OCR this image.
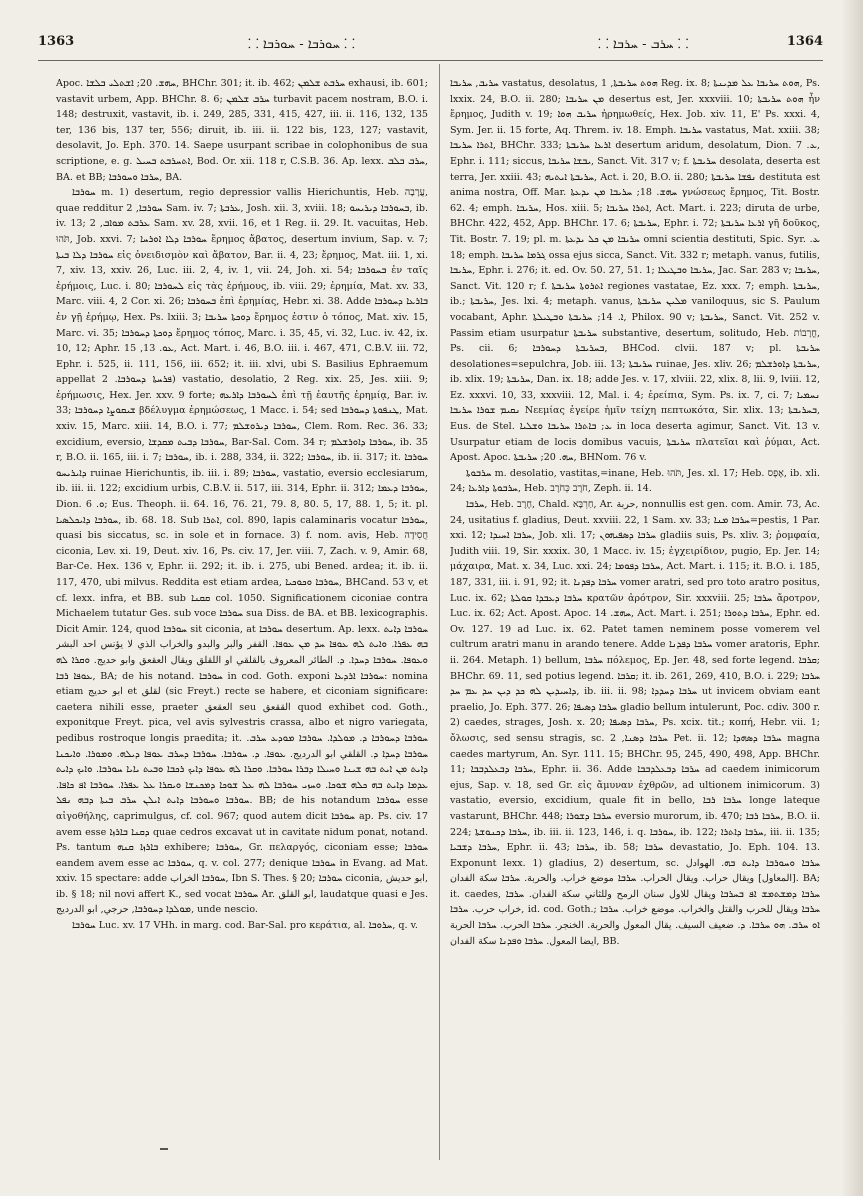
1363	⸬ ܚܘܪܒܐ - ܚܘܪܒܐ ⸬	⸬ ܚܪܒ - ܚܪܒܐ ⸬	1364

Apoc. ܚܗܫ. 20; ܐܫܬܠܝ ܒܠܫܐ, BHChr. 301; it. ib. 462; ܚܪܒܬ ܫܠܡܢ exhausi, ib. 601; vastavit urbem, App. BHChr. 8. 6; ܚܪܒ ܫܠܡܢ turbavit pacem nostram, B.O. i. 148; destruxit, vastavit, ib. i. 249, 285, 331, 415, 427, iii. ii. 116, 132, 135 ter, 136 bis, 137 ter, 556; diruit, ib. iii. ii. 122 bis, 123, 127; vastavit, desolavit, Jo. Eph. 370. 14. Saepe usurpant scribae in colophonibus de sua scriptione, e. g. ܐܬܚܪܒܬ ܒܚܝܠ, Bod. Or. xii. 118 r, C.S.B. 36. Ap. lexx. ܚܪܒ ܒܠܒ, BA. et BB; ܚܪܒܐ ܘܚܘܪܒܐ, BA.

ܚܘܪܒܐ m. 1) desertum, regio depressior vallis Hierichuntis, Heb. עֲרָבָה, quae redditur ܚܘܪܒܐ, 2 Sam. iv. 7; ܥܪܒܬܐ, Josh. xii. 3, xviii. 18; ܒܚܘܪܒܐ ܕܝܪܝܚܘ, ib. iv. 13; ܥܪܒܬ ܡܘܐܒ, 2 Sam. xv. 28, xvii. 16, et 1 Reg. ii. 29. It. vacuitas, Heb. תֹּהוּ, Job. xxvi. 7; ܚܘܪܒܐ ܕܠܐ ܐܘܪܚܐ ἔρημος ἄβατος, desertum invium, Sap. v. 7; ܚܘܪܒܐ ܕܠܐ ܒܝܬܐ εἰς ὀνειδισμὸν καὶ ἄβατον, Bar. ii. 4, 23; ἔρημος, Mat. iii. 1, xi. 7, xiv. 13, xxiv. 26, Luc. iii. 2, 4, iv. 1, vii. 24, Joh. xi. 54; ܒܚܘܪܒܐ ἐν ταῖς ἐρήμοις, Luc. i. 80; ܠܚܘܪܒܐ εἰς τὰς ἐρήμους, ib. viii. 29; ἐρημία, Mat. xv. 33, Marc. viii. 4, 2 Cor. xi. 26; ܒܚܘܪܒܐ ἐπὶ ἐρημίας, Hebr. xi. 38. Adde ܒܐܪܥܐ ܕܚܘܪܒܐ ἐν γῇ ἐρήμῳ, Hex. Ps. lxiii. 3; ܕܘܟܬܐ ܚܪܝܒܐ ἔρημος ἐστιν ὁ τόπος, Mat. xiv. 15, Marc. vi. 35; ܕܘܟܬܐ ܕܚܘܪܒܐ ἔρημος τόπος, Marc. i. 35, 45, vi. 32, Luc. iv. 42, ix. 10, 12; Aphr. ܥܘ. 13, 15, Act. Mart. i. 46, B.O. iii. i. 467, 471, C.B.V. iii. 72, Ephr. i. 525, ii. 111, 156, iii. 652; it. iii. xlvi, ubi S. Basilius Ephraemum appellat ܦܪܚܬܐ ܕܚܘܪܒܐ. 2) vastatio, desolatio, 2 Reg. xix. 25, Jes. xiii. 9; ἐρήμωσις, Hex. Jer. xxv. 9 forte; ܠܚܘܪܒܐ ܕܐܪܥܗ ἐπὶ τῇ ἐαυτῆς ἐρημίᾳ, Bar. iv. 33; ܫܝܩܘܨܐ ܕܚܘܪܒܐ βδέλυγμα ἐρημώσεως, 1 Macc. i. 54; sed ܛܢܦܘܬܐ ܕܚܘܪܒܐ, Mat. xxiv. 15, Marc. xiii. 14, B.O. i. 77; ܚܘܪܒܐ ܕܝܪܘܫܠܡ, Clem. Rom. Rec. 36. 33; excidium, eversio, ܚܘܪܒܐ ܕܒܝܬ ܡܩܕܫܐ, Bar-Sal. Com. 34 r; ܚܘܪܒܐ ܕܐܘܪܫܠܡ, ib. 35 r, B.O. ii. 165, iii. i. 7; ܚܘܪܒܐ, ib. i. 288, 334, ii. 322; ܚܘܪܒܐ, ib. ii. 317; it. ܚܘܪܒܐ ܕܐܝܪܝܚܘ ruinae Hierichuntis, ib. iii. i. 89; ܚܘܪܒܐ, vastatio, eversio ecclesiarum, ib. iii. ii. 122; excidium urbis, C.B.V. ii. 517, iii. 314, Ephr. ii. 312; ܚܘܪܒܐ ܕܥܡܐ, Dion. ܘ. 6; Eus. Theoph. ii. 64. 16, 76. 21, 79. 8, 80. 5, 17, 88. 1, 5; it. pl. ܚܘܪܒܐ ܕܐܝܟܠܣܝܐ, ib. 68. 18. Sub ܐܬܪܐ, col. 890, lapis calaminaris vocatur ܚܘܪܒܐ, quasi bis siccatus, sc. in sole et in fornace. 3) f. nom. avis, Heb. חֲסִידָה ciconia, Lev. xi. 19, Deut. xiv. 16, Ps. civ. 17, Jer. viii. 7, Zach. v. 9, Amir. 68, Bar-Ce. Hex. 136 v, Ephr. ii. 292; it. ib. i. 275, ubi Bened. ardea; it. ib. ii. 117, 470, ubi milvus. Reddita est etiam ardea, ܚܘܪܒܐ ܘܟܘܟܝܐ, BHCand. 53 v, et cf. lexx. infra, et BB. sub ܩܩܢܐ col. 1050. Significationem ciconiae contra Michaelem tutatur Ges. sub voce ܚܘܪܒܐ sua Diss. de BA. et BB. lexicographis. Dicit Amir. 124, quod ܚܘܪܒܐ sit ciconia, at ܚܘܪܒܐ desertum. Ap. lexx. ܚܘܪܒܐ ܕܐܝܬ ܒܗ ܥܦܪܐ. ܘܐܝܬ ܠܗ ܥܘܦܐ ܚܕ ܡܢ ܥܘܦܐ. القفر والبر والبدو والخراب الذي لا يؤنس احد البشر ܘܥܘܦܐ. ܚܘܪܒܐ ܕܚܕܐ. ܕ. الطائر المعروف بالقلقي او اللقلق ويقال العقعق وابو حديج. ܘܩܪܐ ܠܗ ܥܘܦܐ ܪܒܐ, BA; de his notand. ܚܘܪܒܐ in cod. Goth. exponi ܚܘܪܒܐ ܐܪܕܥܐ: nomina etiam ابو حديج et لقلق (sic Freyt.) recte se habere, et ciconiam significare: caetera nihili esse, praeter العقعق seu الققعق quod exhibet cod. Goth., exponitque Freyt. pica, vel avis sylvestris crassa, albo et nigro variegata, pedibus rostroque longis praedita; it. ܚܘܪܒܐ ܕܚܘܪܒܐ ܕ. ܡܘܠܕܐ. ܚܘܪܒܐ ܡܘܕܥ ܚܪܒ. ܚܘܪܒܐ ܕܚܕܐ ܕ. القلقي ابو الدرديج. ܥܘܦܐ. ܕ. ܚܘܪܒܐ. ܚܘܪܒܐ ܕܚܪܒ ܥܘܦܐ ܕܝܠܗ. ܘܡܘܪܐ. ܘܐܝܟܢܐ ܕܐܝܬ ܡܢ ܐܝܬ ܒܗ ܫܝܢܐ ܘܚܝܠܐ ܕܒܪܐ ܚܘܪܒܐ. ܘܩܪܐ ܠܗ ܥܘܦܐ ܕܐܝܟ ܪܟܒܐ ܘܒܝܬ ܝܐܝܐ ܚܘܪܒܐ. ܘܐܝܟ ܕܐܝܬ ܥܕܡܐ ܕܐܝܬ ܒܗ ܟܠܗ ܫܘܟܐ. ܘܚܙܝ ܚܘܪܒܐ ܠܗ ܥܠ ܫܘܟܐ ܕܡܟܢܫܐ ܘܝܩܪܐ ܥܠ ܥܦܪܐ. ܚܘܪܒܐ ܐܦ ܟܐܦܐ. ܚܘܪܒܐ ܘܚܘܪܒܐ ܕܐܝܬ ܐܝܠܢ ܚܪܒ ܒܝܬܐ ܕܒܗ ܢܦܠ. BB; de his notandum ܚܘܪܒܐ esse αἰγοθήλης, caprimulgus, cf. col. 967; quod autem dicit ܚܘܪܒܐ ap. Ps. civ. 17 avem esse ܕܩܢܐ ܒܐܪܙܐ quae cedros excavat ut in cavitate nidum ponat, notand. Ps. tantum ܒܐܪܙܐ ܩܢܗ exhibere; ܚܘܪܒܐ, Gr. πελαργός, ciconiam esse; ܚܘܪܒܐ eandem avem esse ac ܚܘܪܒܐ, q. v. col. 277; denique ܚܘܪܒܐ in Evang. ad Mat. xxiv. 15 spectare: adde ܚܘܪܒܐ الخراب, Ibn S. Thes. § 20; ܚܘܪܒܐ ciconia, ابو حديش, ib. § 18; nil novi affert K., sed vocat ܚܘܪܒܐ Ar. ابو القلق, laudatque quasi e Jes. ܡܘܠܕܐ ܕܚܘܪܒܐ, حرجي, ابو الدرديج, unde nescio.

ܚܘܪܒܐ Luc. xv. 17 VHh. in marg. cod. Bar-Sal. pro κεράτια, al. ܚܪܘܒܐ, q. v.

ܚܪܝܒ, ܚܪܝܒܐ vastatus, desolatus, ܗܘܬ ܚܪܝܒܬܐ, 1 Reg. ix. 8; ܗܘܬ ܚܪܝܒܐ ܥܠ ܡܕܝܢܬܐ, Ps. lxxix. 24, B.O. ii. 280; ܡܢ ܚܪܝܒܐ desertus est, Jer. xxxviii. 10; ܗܘܬ ܚܪܝܒܬܐ ἦν ἔρημος, Judith v. 19; ܚܪܝܒ ܗܘܐ ἠρημωθείς, Hex. Job. xiv. 11, E' Ps. xxxi. 4, Sym. Jer. ii. 15 forte, Aq. Threm. iv. 18. Emph. ܚܪܝܒܐ vastatus, Mat. xxiii. 38; ܐܬܪܐ ܚܪܝܒܐ, BHChr. 333; ܐܪܥܐ ܚܪܝܒܬܐ desertum aridum, desolatum, Dion. ܥ. 7, Ephr. i. 111; siccus, ܝܒܫܐ ܚܪܝܒܐ, Sanct. Vit. 317 v; f. ܚܪܝܒܬܐ desolata, deserta est terra, Jer. xxiii. 43; ܚܪܝܒܬܐ ܐܝܬܝܗ, Act. i. 20, B.O. ii. 280; ܢܦܫܐ ܚܪܝܒܬܐ destituta est anima nostra, Off. Mar. ܚܗܫ. 18; ܚܪܝܒܐ ܡܢ ܝܕܥܬܐ γνώσεως ἔρημος, Tit. Bostr. 62. 4; emph. ܚܪܝܒܐ, Hos. xiii. 5; ܐܬܪܐ ܚܪܝܒܐ, Act. Mart. i. 223; diruta de urbe, BHChr. 422, 452, App. BHChr. 17. 6; ܚܪܝܒܬܐ, Ephr. i. 72; ܐܪܥܐ ܚܪܝܒܬܐ γῆ δοῦκος, Tit. Bostr. 7. 19; pl. m. ܚܪܝܒܐ ܡܢ ܟܠ ܝܕܥܬܐ omni scientia destituti, Spic. Syr. ܥ. 18; emph. ܓܪܡܐ ܚܪܝܒܐ ossa ejus sicca, Sanct. Vit. 332 r; metaph. vanus, futilis, ܚܪܝܒܐ, Ephr. i. 276; it. ed. Ov. 50. 27, 51. 1; ܚܪܝܒܐ ܘܒܛܝܠܐ, Jac. Sar. 283 v; ܚܪܝܒܐ, Sanct. Vit. 120 r; f. ܐܬܪܘܬܐ ܚܪܝܒܬܐ regiones vastatae, Ez. xxx. 7; emph. ܚܪܝܒܬܐ, ib.; ܚܪܝܒܬܐ, Jes. lxi. 4; metaph. vanus, ܡܠܝܢ ܚܪܝܒܬܐ vaniloquus, sic S. Paulum vocabant, Aphr. ܐ. 14; ܚܪܝܒܬܐ ܘܒܛܝܠܬܐ, Philox. 90 v; ܚܪܝܒܬܐ, Sanct. Vit. 252 v. Passim etiam usurpatur ܚܪܝܒܬܐ substantive, desertum, solitudo, Heb. חֳרָבוֹת, Ps. cii. 6; ܒܚܪܝܒܬܐ ܕܚܘܪܒܐ, BHCod. clvii. 187 v; pl. ܚܪܝܒܬܐ desolationes=sepulchra, Job. iii. 13; ܚܪܝܒܬܐ ruinae, Jes. xliv. 26; ܚܪܝܒܬܐ ܕܐܘܪܫܠܡ, ib. xlix. 19; ܚܪܝܒܬܐ, Dan. ix. 18; adde Jes. v. 17, xlviii. 22, xlix. 8, lii. 9, lviii. 12, Ez. xxxvi. 10, 33, xxxviii. 12, Mal. i. 4; ἐρείπια, Sym. Ps. ix. 7, ci. 7; ܢܚܡܝܐ ܢܩܝܡ ܫܘܪܐ ܚܪܝܒܐ Νεεμίας ἐγείρε ἡμῖν τείχη πεπτωκότα, Sir. xlix. 13; ܒܚܪܝܒܬܐ, Eus. de Stel. ܥ; ܒܐܬܪܐ ܚܪܝܒܐ ܘܫܠܝܐ in loca deserta agimur, Sanct. Vit. 13 v. Usurpatur etiam de locis domibus vacuis, ܚܪܝܒܬܐ πλατεῖαι καὶ ῥύμαι, Act. Apost. Apoc. ܚܗ. 20; ܚܪܝܒܬܐ, BHNom. 76 v.

ܚܪܒܘܬܐ m. desolatio, vastitas,=inane, Heb. תֹּהוּ, Jes. xl. 17; Heb. אֶפֶס, ib. xli. 24; ܚܪܒܘܬܐ ܕܐܪܥܐ, Heb. חֹרֶב כְּחֹרֶב, Zeph. ii. 14.

ܚܪܒܐ, Heb. חֶרֶב, Chald. חַרְבָּא, Ar. حربة, nonnullis est gen. com. Amir. 73, Ac. 24, usitatius f. gladius, Deut. xxviii. 22, 1 Sam. xv. 33; ܚܪܒܐ ܡܢܐ=pestis, 1 Par. xxi. 12; ܚܪܒܐ ܐܚܝܕܐ, Job. xli. 17; ܚܪܒܐ ܕܣܦܝܗܘܢ gladiis suis, Ps. xliv. 3; ῥομφαία, Judith viii. 19, Sir. xxxix. 30, 1 Macc. iv. 15; ἐγχειρίδιον, pugio, Ep. Jer. 14; μάχαιρα, Mat. x. 34, Luc. xxi. 24; ܚܪܒܐ ܕܦܘܡܐ, Act. Mart. i. 115; it. B.O. i. 185, 187, 331, iii. i. 91, 92; it. ܚܪܒܐ ܕܦܕܢܐ vomer aratri, sed pro toto aratro positus, Luc. ix. 62; ܚܪܒܐ ܕܥܒܕܐ ܩܘܠܬܐ κρατῶν ἀρότρον, Sir. xxxviii. 25; ܚܪܒܐ ἄροτρον, Luc. ix. 62; Act. Apost. Apoc. ܚܗܫ. 14, Act. Mart. i. 251; ܚܪܒܐ ܕܬܘܪܐ, Ephr. ed. Ov. 127. 19 ad Luc. ix. 62. Patet tamen neminem posse vomerem vel cultrum aratri manu in arando tenere. Adde ܚܪܒܐ ܕܦܕܢܐ vomer aratoris, Ephr. ii. 264. Metaph. 1) bellum, ܚܪܒܐ πόλεμος, Ep. Jer. 48, sed forte legend. ܩܪܒܐ; BHChr. 69. 11, sed potius legend. ܩܪܒܐ; it. ib. 261, 269, 410, B.O. i. 229; ܚܪܒܐ ܕܐܚܝܕܝܢ ܠܗ ܟܕ ܕܝܢ ܚܕ ܥܡ ܚܕ, ib. iii. ii. 98; ܚܪܒܐ ܕܚܕܕܐ ut invicem obviam eant praelio, Jo. Eph. 377. 26; ܚܪܒܐ ܕܣܝܦܐ gladio bellum intulerunt, Poc. cdiv. 300 r. 2) caedes, strages, Josh. x. 20; ܚܪܒܐ ܕܣܝܦܐ, Ps. xcix. tit.; κοπή, Hebr. vii. 1; ὄλωσις, sed sensu stragis, sc. ܚܪܒܐ ܕܣܢܐ, 2 Pet. ii. 12; ܚܪܒܐ ܕܣܗܕܐ magna caedes martyrum, An. Syr. 111. 15; BHChr. 95, 245, 490, 498, App. BHChr. 11; ܚܪܒܐ ܕܒܥܠܕܒܒܐ, Ephr. ii. 36. Adde ܚܪܒܐ ܕܒܥܠܕܒܒܐ ad caedem inimicorum ejus, Sap. v. 18, sed Gr. εἰς ἄμυναν ἐχθρῶν, ad ultionem inimicorum. 3) vastatio, eversio, excidium, quale fit in bello, ܚܪܒܐ ܪܒܐ longe lateque vastarunt, BHChr. 448; ܚܪܒܐ ܕܫܘܪܐ eversio murorum, ib. 470; ܚܪܒܐ ܪܒܐ, B.O. ii. 224; ܚܪܒܐ ܕܟܢܘܫܬܐ, ib. iii. ii. 123, 146, i. q. ܚܘܪܒܐ, ib. 122; ܚܪܒܐ ܕܐܬܪܐ, iii. ii. 135; ܚܪܒܐ ܕܫܒܝܐ, Ephr. ii. 43; ܚܪܒܐ, ib. 58; ܚܪܒܐ devastatio, Jo. Eph. 104. 13. Exponunt lexx. 1) gladius, 2) desertum, sc. ܚܪܒܐ ܘܚܘܪܒܐ ܕܐܝܬ ܒܗ. الهوادل [المعاول] ويقال حراب. ويقال الحراب. ܚܪܒܐ موضع خراب. والحربة. ܚܪܒܐ سكة الفدان. BA; it. caedes, ܚܪܒܐ ܕܡܫܬܡܫ ܐܦ ܒܚܪܒܐ ويقال للاول سنان الرمح وللثاني سكة الفدان. ܚܪܒܐ خراب حرب. ܚܪܒܐ, id. cod. Goth.; ܚܪܒܐ ويقال للحرب والقتل والخراب. موضع خراب. ܚܪܒܐ ܐܘ ܚܪܒ. ܗܘ ܚܪܒܐ. ܕ. ضعيف السيف. يقال المعول والحربة. الخنجر. ܚܪܒܐ الحرب. ܚܪܒܐ الحربة ايضا المعول. ܚܪܒܐ ܘܦܕܢܐ سكة الفدان, BB.
